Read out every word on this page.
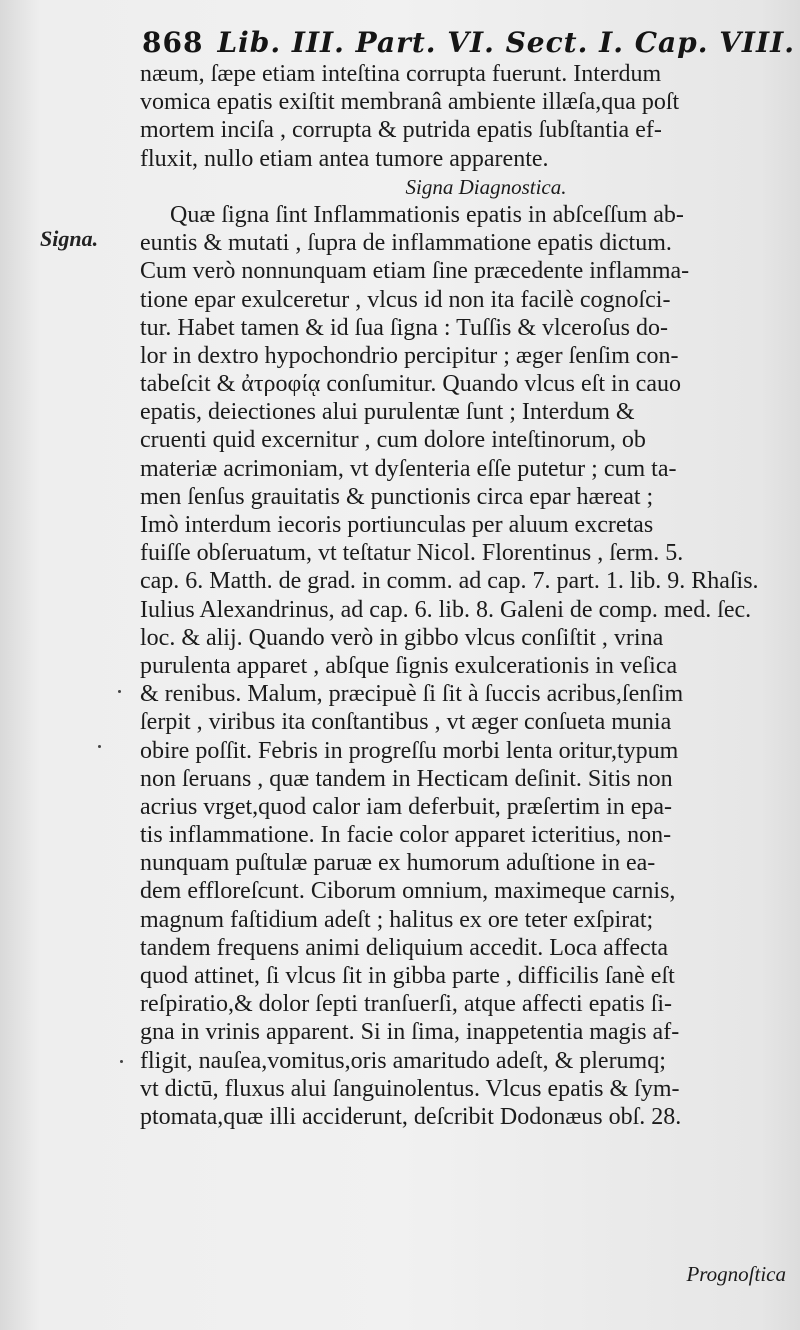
868 Lib. III. Part. VI. Sect. I. Cap. VIII.
Signa.
næum, ſæpe etiam inteſtina corrupta fuerunt. Interdum
vomica epatis exiſtit membranâ ambiente illæſa,qua poſt
mortem inciſa , corrupta & putrida epatis ſubſtantia ef-
fluxit, nullo etiam antea tumore apparente.
Signa Diagnostica.
Quæ ſigna ſint Inflammationis epatis in abſceſſum ab-
euntis & mutati , ſupra de inflammatione epatis dictum.
Cum verò nonnunquam etiam ſine præcedente inflamma-
tione epar exulceretur , vlcus id non ita facilè cognoſci-
tur. Habet tamen & id ſua ſigna : Tuſſis & vlceroſus do-
lor in dextro hypochondrio percipitur ; æger ſenſim con-
tabeſcit & ἀτροφίᾳ conſumitur. Quando vlcus eſt in cauo
epatis, deiectiones alui purulentæ ſunt ; Interdum &
cruenti quid excernitur , cum dolore inteſtinorum, ob
materiæ acrimoniam, vt dyſenteria eſſe putetur ; cum ta-
men ſenſus grauitatis & punctionis circa epar hæreat ;
Imò interdum iecoris portiunculas per aluum excretas
fuiſſe obſeruatum, vt teſtatur Nicol. Florentinus , ſerm. 5.
cap. 6. Matth. de grad. in comm. ad cap. 7. part. 1. lib. 9. Rhaſis.
Iulius Alexandrinus, ad cap. 6. lib. 8. Galeni de comp. med. ſec.
loc. & alij. Quando verò in gibbo vlcus conſiſtit , vrina
purulenta apparet , abſque ſignis exulcerationis in veſica
& renibus. Malum, præcipuè ſi ſit à ſuccis acribus,ſenſim
ſerpit , viribus ita conſtantibus , vt æger conſueta munia
obire poſſit. Febris in progreſſu morbi lenta oritur,typum
non ſeruans , quæ tandem in Hecticam deſinit. Sitis non
acrius vrget,quod calor iam deferbuit, præſertim in epa-
tis inflammatione. In facie color apparet icteritius, non-
nunquam puſtulæ paruæ ex humorum aduſtione in ea-
dem efflorеſcunt. Ciborum omnium, maximeque carnis,
magnum faſtidium adeſt ; halitus ex ore teter exſpirat;
tandem frequens animi deliquium accedit. Loca affecta
quod attinet, ſi vlcus ſit in gibba parte , difficilis ſanè eſt
reſpiratio,& dolor ſepti tranſuerſi, atque affecti epatis ſi-
gna in vrinis apparent. Si in ſima, inappetentia magis af-
fligit, nauſea,vomitus,oris amaritudo adeſt, & plerumq;
vt dictū, fluxus alui ſanguinolentus. Vlcus epatis & ſym-
ptomata,quæ illi acciderunt, deſcribit Dodonæus obſ. 28.
Prognoſtica
